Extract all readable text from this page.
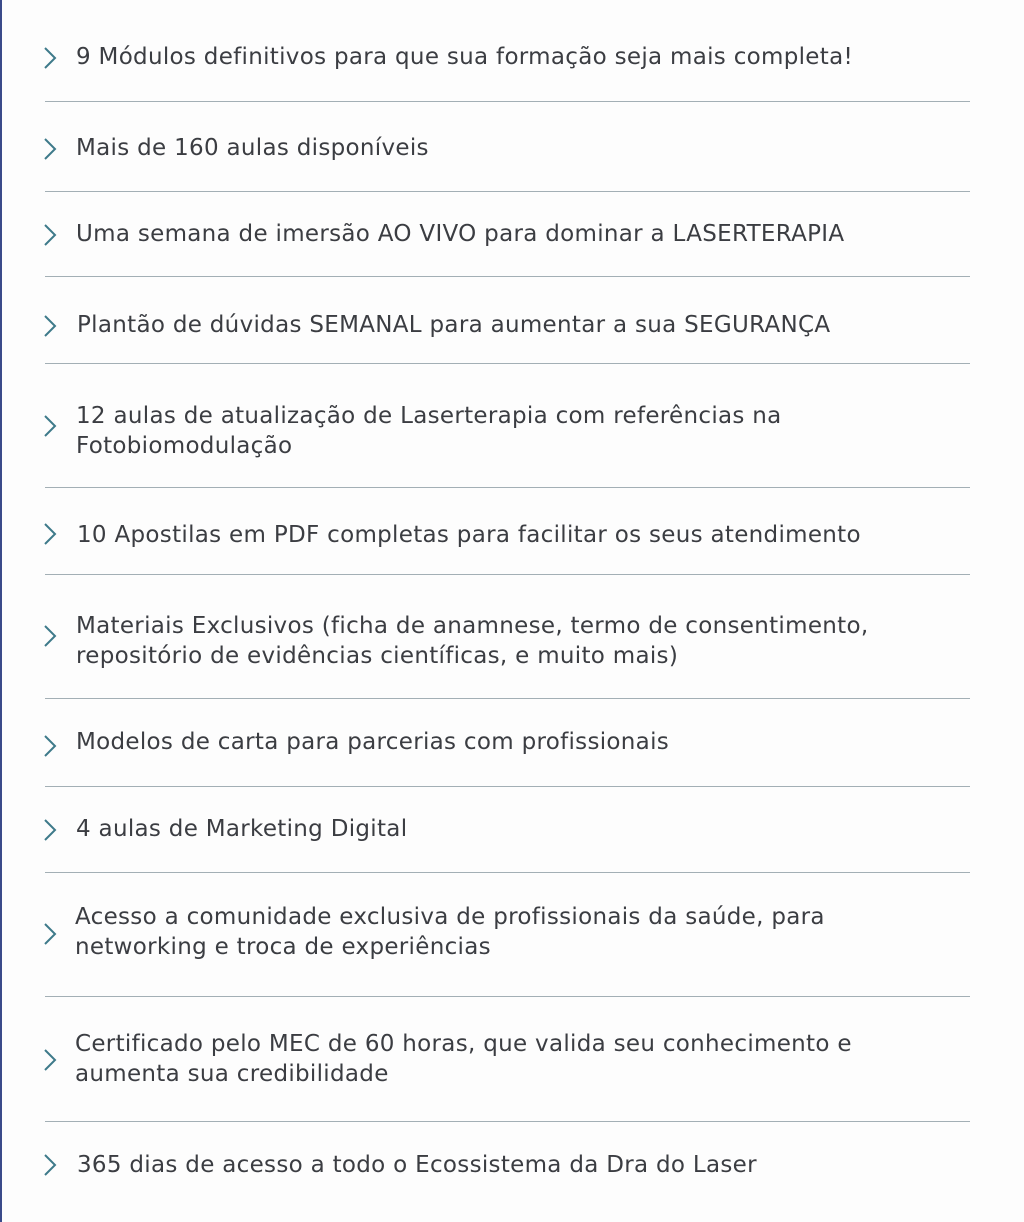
9 Módulos definitivos para que sua formação seja mais completa!
Mais de 160 aulas disponíveis
Uma semana de imersão AO VIVO para dominar a LASERTERAPIA
Plantão de dúvidas SEMANAL para aumentar a sua SEGURANÇA
12 aulas de atualização de Laserterapia com referências na Fotobiomodulação
10 Apostilas em PDF completas para facilitar os seus atendimento
Materiais Exclusivos (ficha de anamnese, termo de consentimento, repositório de evidências científicas, e muito mais)
Modelos de carta para parcerias com profissionais
4 aulas de Marketing Digital
Acesso a comunidade exclusiva de profissionais da saúde, para networking e troca de experiências
Certificado pelo MEC de 60 horas, que valida seu conhecimento e aumenta sua credibilidade
365 dias de acesso a todo o Ecossistema da Dra do Laser
